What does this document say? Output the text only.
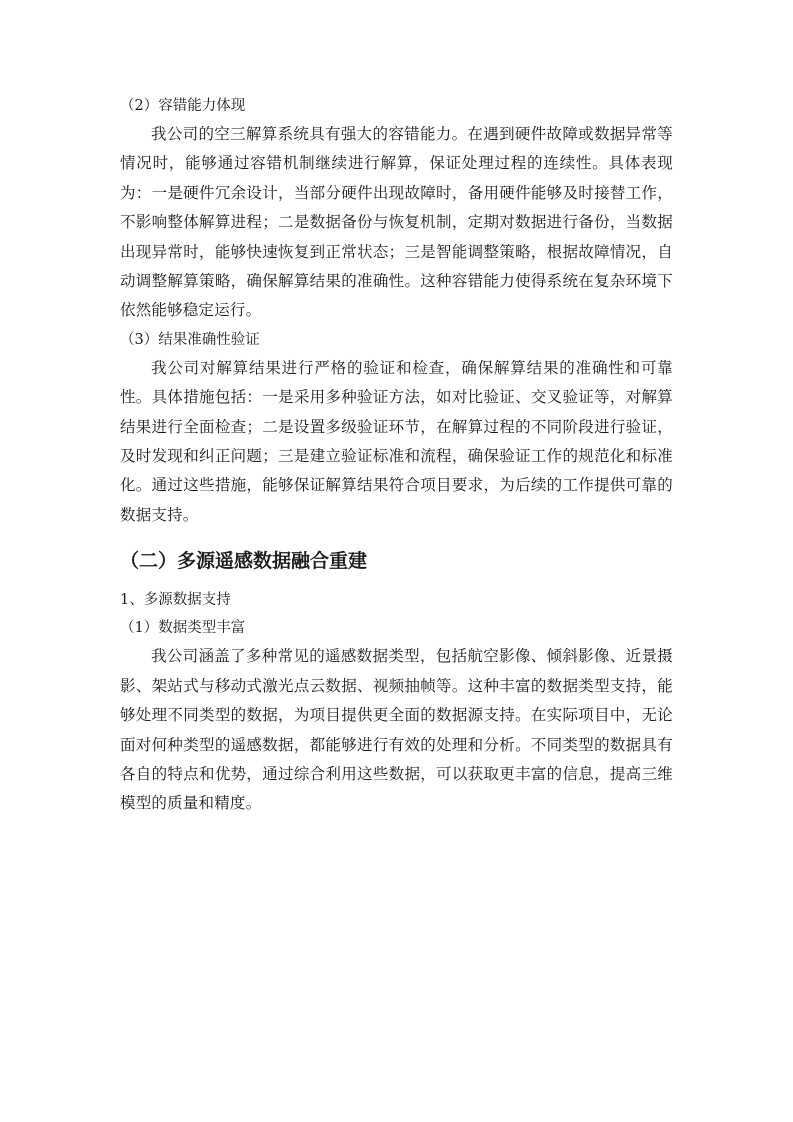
（2）容错能力体现

我公司的空三解算系统具有强大的容错能力。在遇到硬件故障或数据异常等情况时，能够通过容错机制继续进行解算，保证处理过程的连续性。具体表现为：一是硬件冗余设计，当部分硬件出现故障时，备用硬件能够及时接替工作，不影响整体解算进程；二是数据备份与恢复机制，定期对数据进行备份，当数据出现异常时，能够快速恢复到正常状态；三是智能调整策略，根据故障情况，自动调整解算策略，确保解算结果的准确性。这种容错能力使得系统在复杂环境下依然能够稳定运行。

（3）结果准确性验证

我公司对解算结果进行严格的验证和检查，确保解算结果的准确性和可靠性。具体措施包括：一是采用多种验证方法，如对比验证、交叉验证等，对解算结果进行全面检查；二是设置多级验证环节，在解算过程的不同阶段进行验证，及时发现和纠正问题；三是建立验证标准和流程，确保验证工作的规范化和标准化。通过这些措施，能够保证解算结果符合项目要求，为后续的工作提供可靠的数据支持。

（二）多源遥感数据融合重建

1、多源数据支持

（1）数据类型丰富

我公司涵盖了多种常见的遥感数据类型，包括航空影像、倾斜影像、近景摄影、架站式与移动式激光点云数据、视频抽帧等。这种丰富的数据类型支持，能够处理不同类型的数据，为项目提供更全面的数据源支持。在实际项目中，无论面对何种类型的遥感数据，都能够进行有效的处理和分析。不同类型的数据具有各自的特点和优势，通过综合利用这些数据，可以获取更丰富的信息，提高三维模型的质量和精度。
